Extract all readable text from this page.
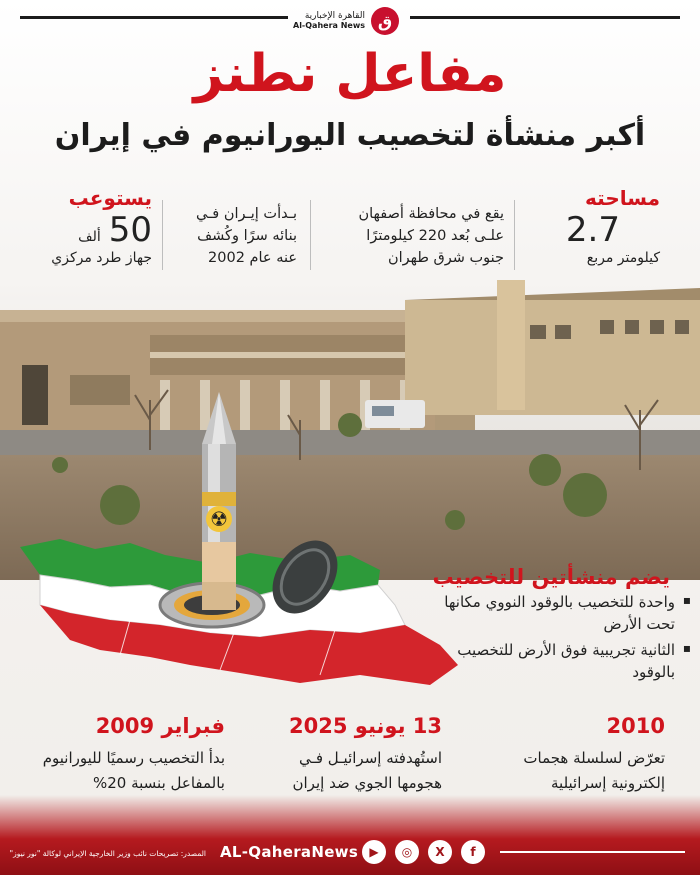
القاهرة الإخبارية
Al-Qahera News ق
مفاعل نطنز
أكبر منشأة لتخصيب اليورانيوم في إيران
مساحته
2.7
كيلومتر مربع
يقع في محافظة أصفهان
علـى بُعد 220 كيلومترًا
جنوب شرق طهران
بـدأت إيـران فـي
بنائه سرًا وكُشف
عنه عام 2002
يستوعب
50
ألف
جهاز طرد مركزي
☢
يضم منشأتين للتخصيب
▪ واحدة للتخصيب بالوقود النووي مكانها تحت الأرض
▪ الثانية تجريبية فوق الأرض للتخصيب بالوقود
2010
تعرّض لسلسلة هجمات
إلكترونية إسرائيلية
13 يونيو 2025
استُهدفته إسرائيـل فـي
هجومها الجوي ضد إيران
فبراير 2009
بدأ التخصيب رسميًا لليورانيوم
بالمفاعل بنسبة 20%
المصدر: تصريحات نائب وزير الخارجية الإيراني لوكالة "نور نيوز" AL-QaheraNews ▶	◎	X	f
